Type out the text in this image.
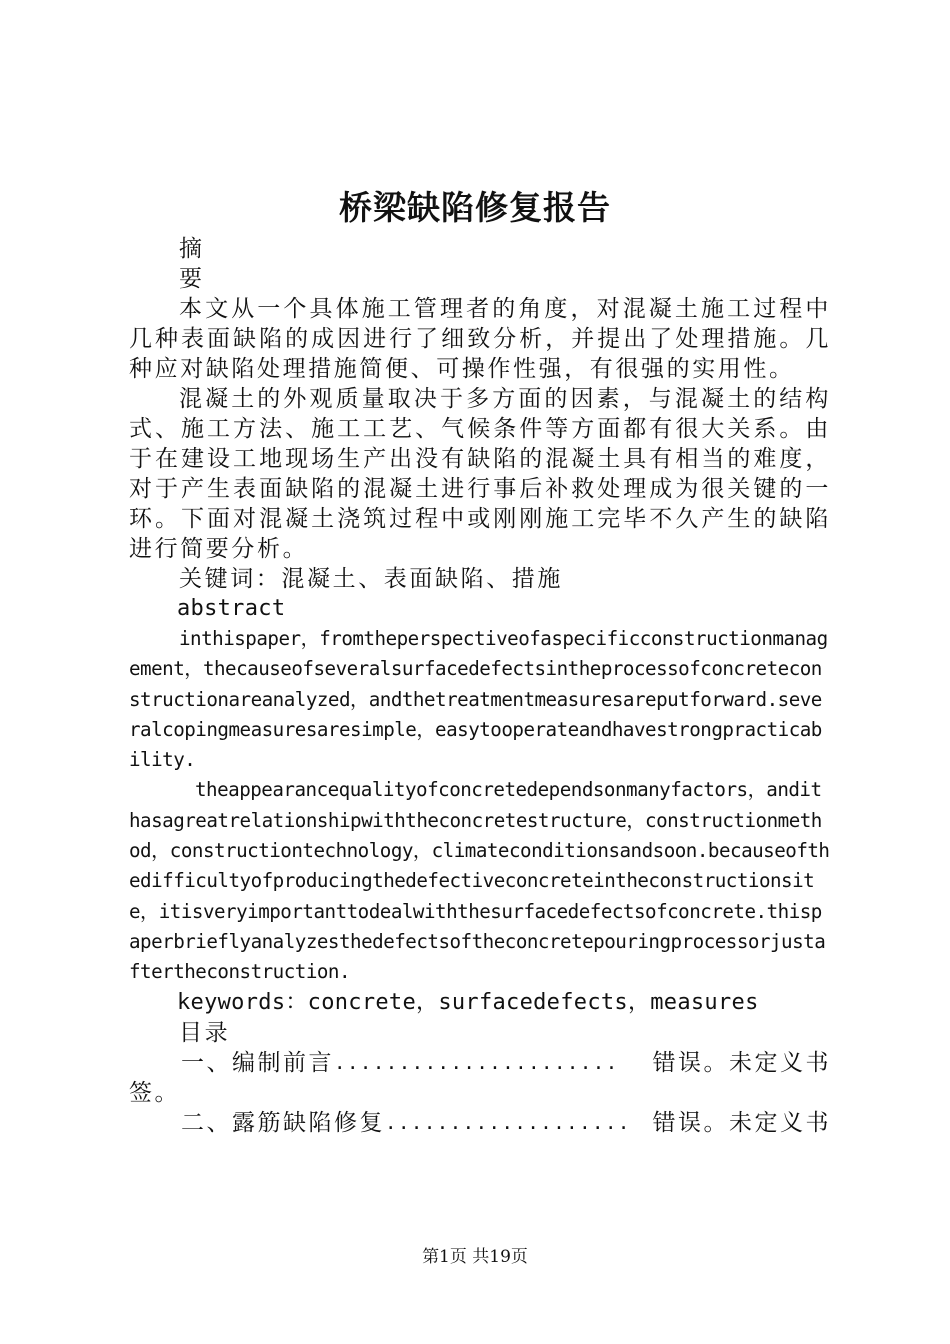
桥梁缺陷修复报告
摘
要
本文从一个具体施工管理者的角度，对混凝土施工过程中几种表面缺陷的成因进行了细致分析，并提出了处理措施。几种应对缺陷处理措施简便、可操作性强，有很强的实用性。
混凝土的外观质量取决于多方面的因素，与混凝土的结构式、施工方法、施工工艺、气候条件等方面都有很大关系。由于在建设工地现场生产出没有缺陷的混凝土具有相当的难度，对于产生表面缺陷的混凝土进行事后补救处理成为很关键的一环。下面对混凝土浇筑过程中或刚刚施工完毕不久产生的缺陷进行简要分析。
关键词：混凝土、表面缺陷、措施
abstract
inthispaper，fromtheperspectiveofaspecificconstructionmanagement，thecauseofseveralsurfacedefectsintheprocessofconcreteconstructionareanalyzed，andthetreatmentmeasuresareputforward.severalcopingmeasuresaresimple，easytooperateandhavestrongpracticability.
theappearancequalityofconcretedependsonmanyfactors，andithasagreatrelationshipwiththeconcretestructure，constructionmethod，constructiontechnology，climateconditionsandsoon.becauseofthedifficultyofproducingthedefectiveconcreteintheconstructionsite，itisveryimportanttodealwiththesurfacedefectsofconcrete.thispaperbrieflyanalyzesthedefectsoftheconcretepouringprocessorjustaftertheconstruction.
keywords：concrete，surfacedefects，measures
目录
一、编制前言 ......................	错误。未定义书
签。
二、露筋缺陷修复 ................... 错误。未定义书
第1页 共19页
